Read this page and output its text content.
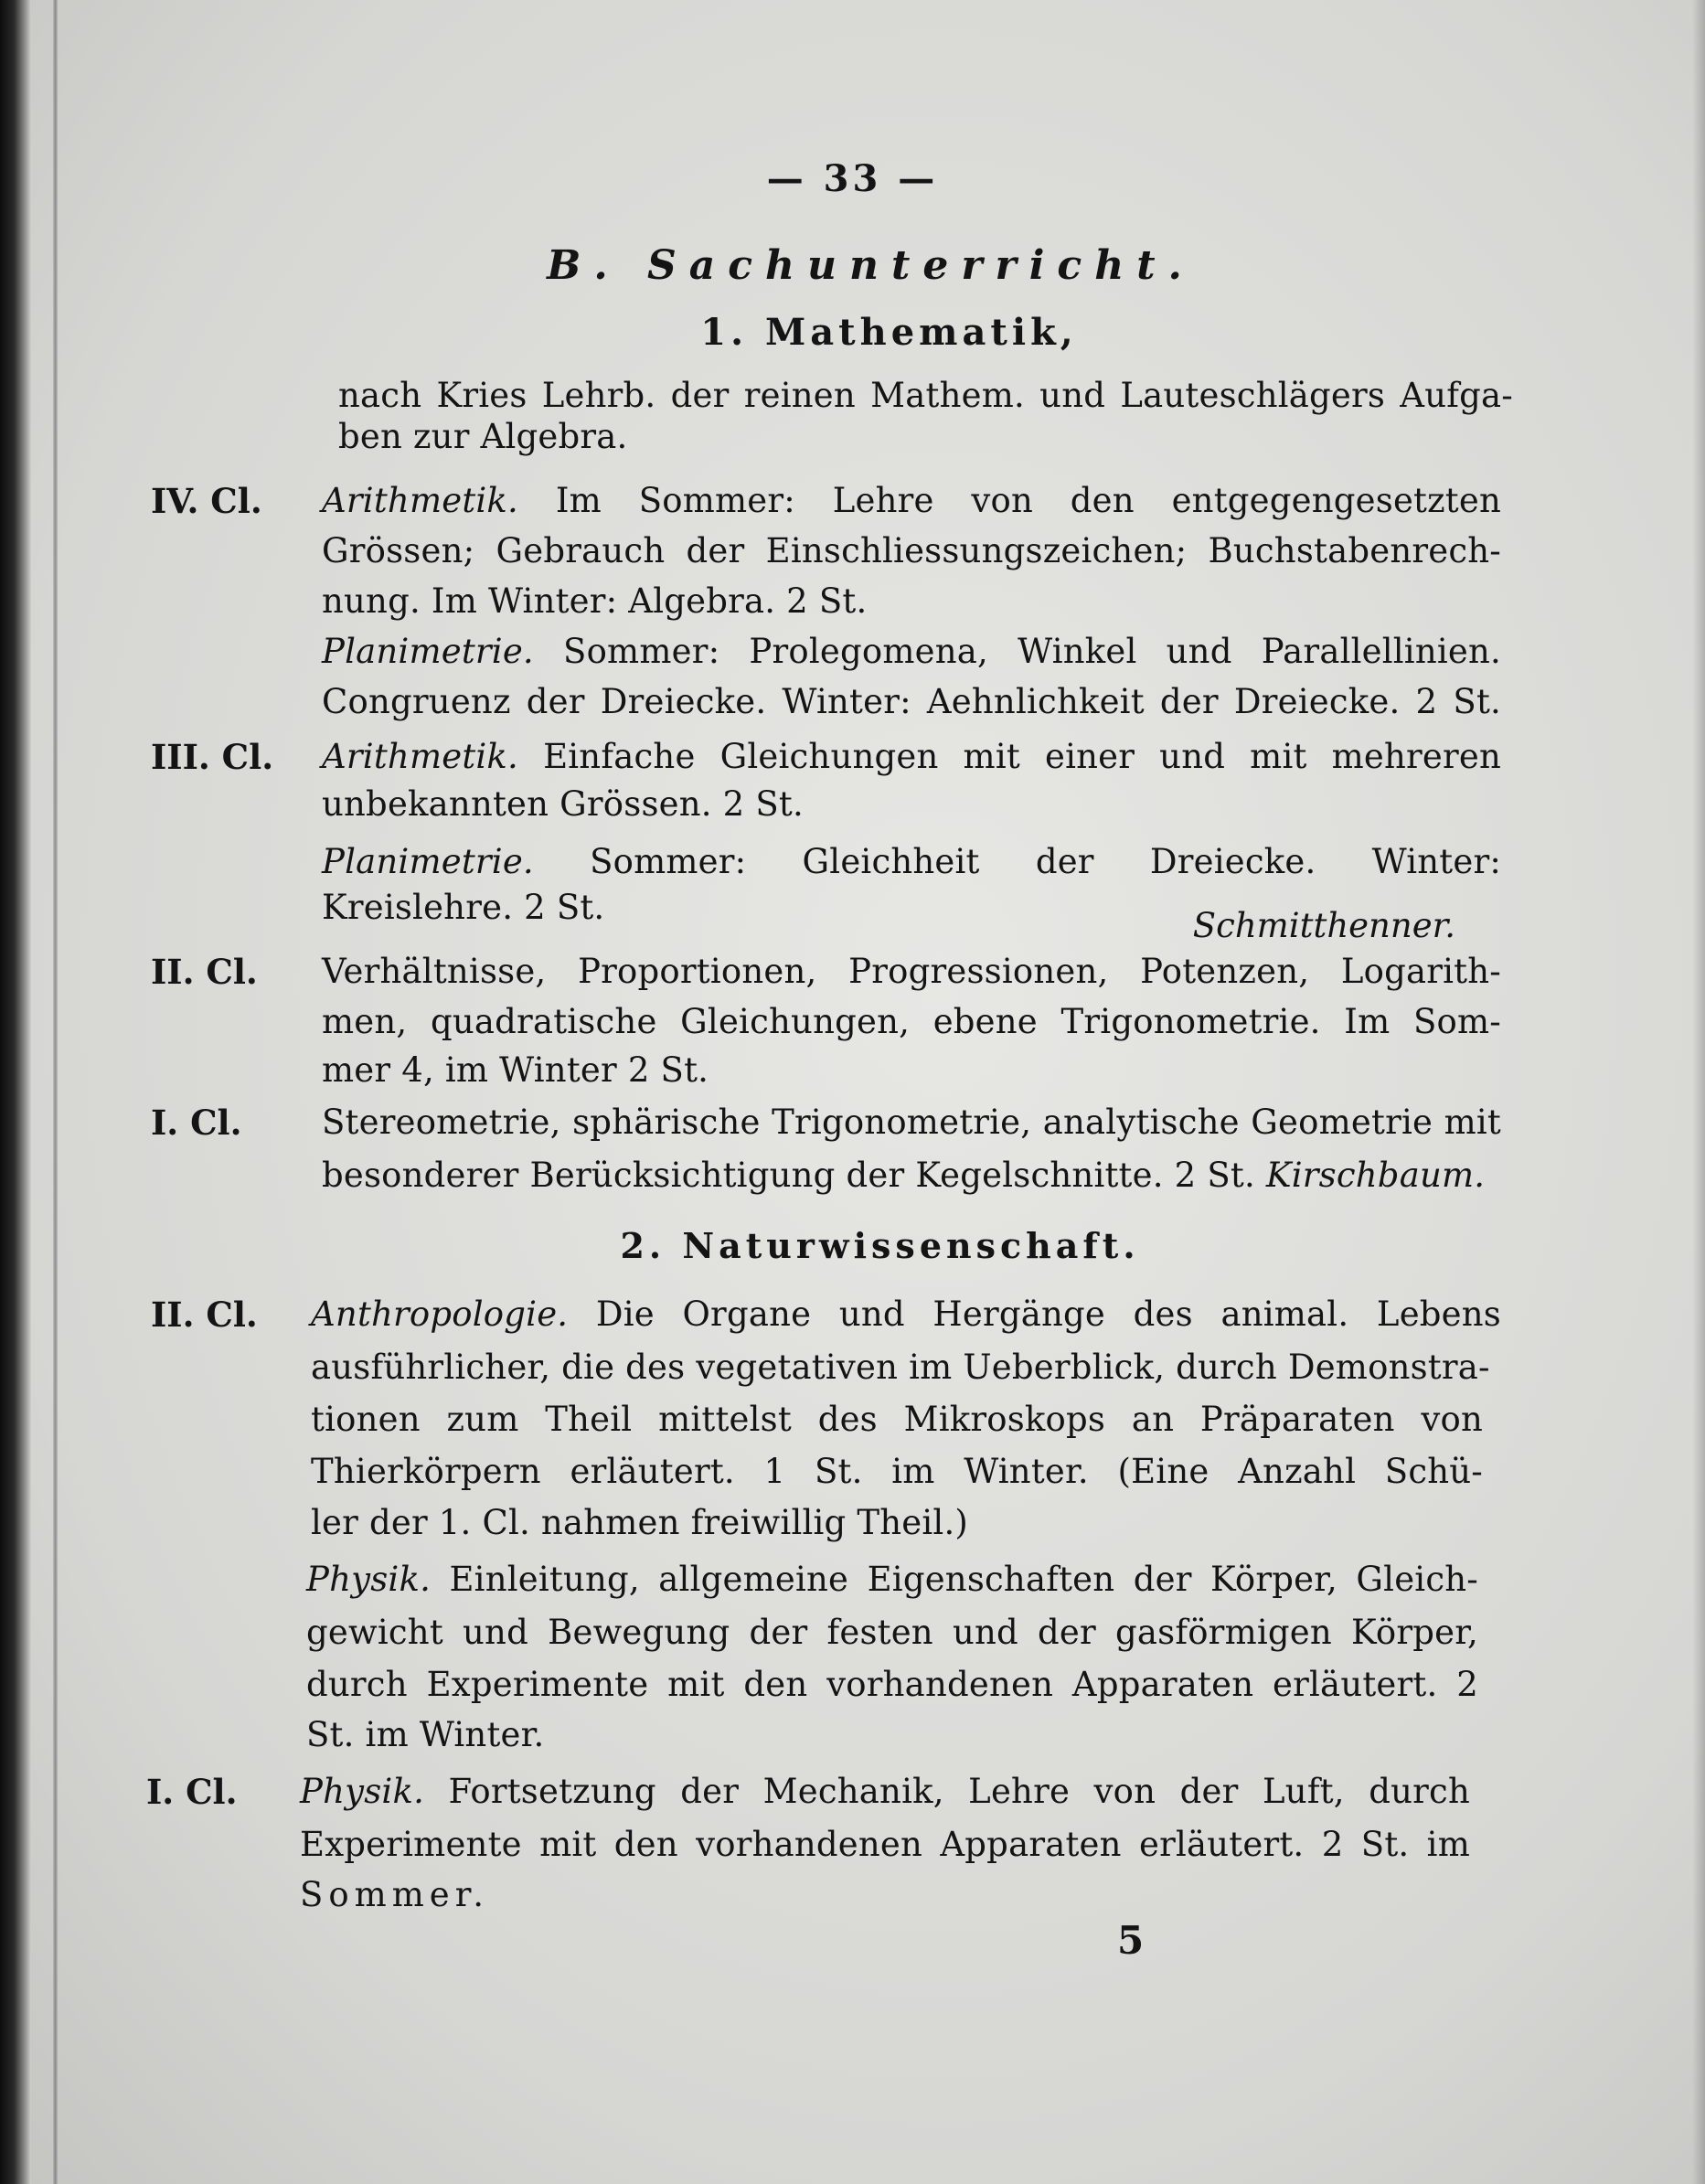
— 33 —
B. Sachunterricht.
1. Mathematik,
nach Kries Lehrb. der reinen Mathem. und Lauteschlägers Aufga-
ben zur Algebra.
IV. Cl. Arithmetik. Im Sommer: Lehre von den entgegengesetzten
Grössen; Gebrauch der Einschliessungszeichen; Buchstabenrech-
nung. Im Winter: Algebra. 2 St.
Planimetrie. Sommer: Prolegomena, Winkel und Parallellinien.
Congruenz der Dreiecke. Winter: Aehnlichkeit der Dreiecke. 2 St.
III. Cl. Arithmetik. Einfache Gleichungen mit einer und mit mehreren
unbekannten Grössen. 2 St.
Planimetrie. Sommer: Gleichheit der Dreiecke. Winter:
Kreislehre. 2 St.	Schmitthenner.
II. Cl. Verhältnisse, Proportionen, Progressionen, Potenzen, Logarith-
men, quadratische Gleichungen, ebene Trigonometrie. Im Som-
mer 4, im Winter 2 St.
I. Cl. Stereometrie, sphärische Trigonometrie, analytische Geometrie mit
besonderer Berücksichtigung der Kegelschnitte. 2 St. Kirschbaum.
2. Naturwissenschaft.
II. Cl. Anthropologie. Die Organe und Hergänge des animal. Lebens
ausführlicher, die des vegetativen im Ueberblick, durch Demonstra-
tionen zum Theil mittelst des Mikroskops an Präparaten von
Thierkörpern erläutert. 1 St. im Winter. (Eine Anzahl Schü-
ler der 1. Cl. nahmen freiwillig Theil.)
Physik. Einleitung, allgemeine Eigenschaften der Körper, Gleich-
gewicht und Bewegung der festen und der gasförmigen Körper,
durch Experimente mit den vorhandenen Apparaten erläutert. 2
St. im Winter.
I. Cl. Physik. Fortsetzung der Mechanik, Lehre von der Luft, durch
Experimente mit den vorhandenen Apparaten erläutert. 2 St. im
Sommer.
5
